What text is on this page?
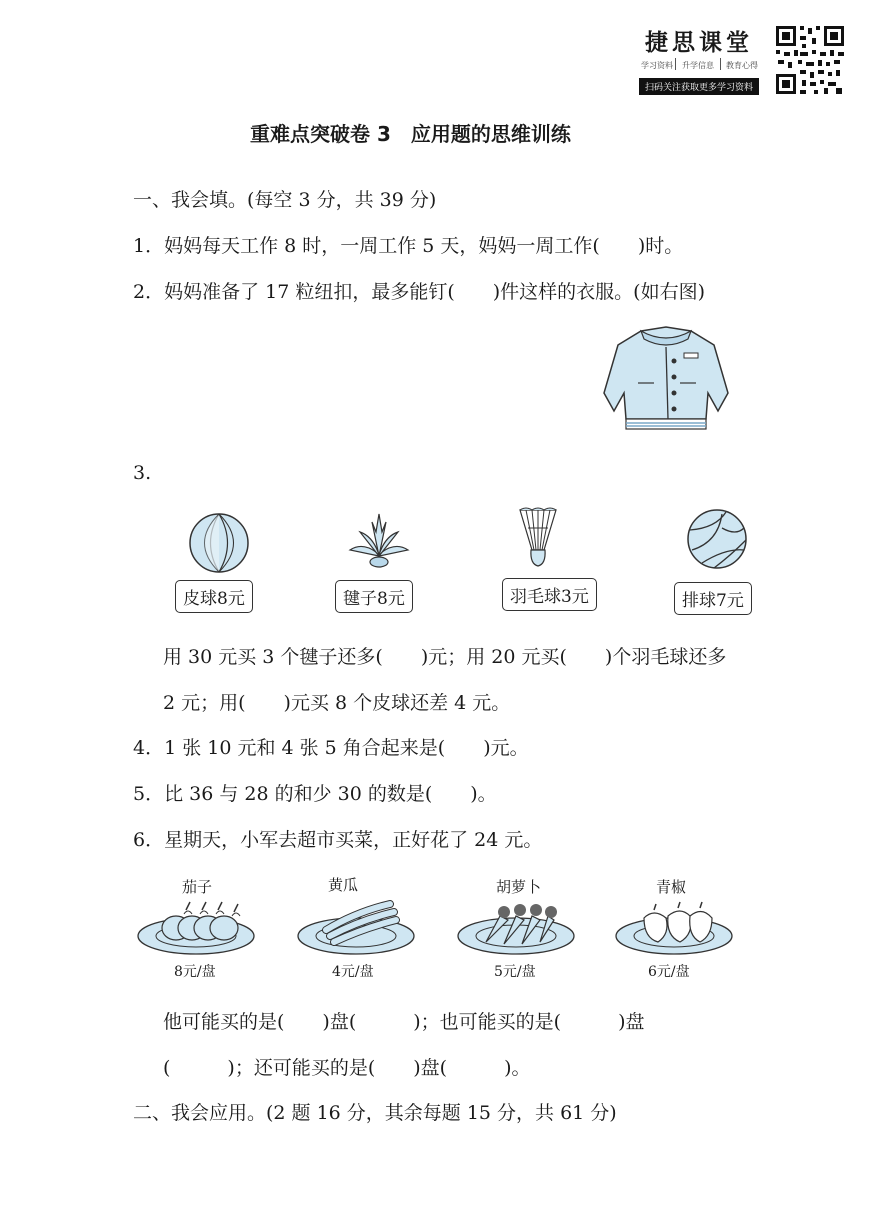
捷思课堂
学习资料 升学信息 教育心得
扫码关注获取更多学习资料
重难点突破卷 3　应用题的思维训练
一、我会填。(每空 3 分，共 39 分)
1．妈妈每天工作 8 时，一周工作 5 天，妈妈一周工作(　　)时。
2．妈妈准备了 17 粒纽扣，最多能钉(　　)件这样的衣服。(如右图)
3.
皮球8元	毽子8元	羽毛球3元	排球7元
用 30 元买 3 个毽子还多(　　)元；用 20 元买(　　)个羽毛球还多
2 元；用(　　)元买 8 个皮球还差 4 元。
4．1 张 10 元和 4 张 5 角合起来是(　　)元。
5．比 36 与 28 的和少 30 的数是(　　)。
6．星期天，小军去超市买菜，正好花了 24 元。
茄子
8元/盘
黄瓜
4元/盘
胡萝卜
5元/盘
青椒
6元/盘
他可能买的是(　　)盘(　　　)；也可能买的是(　　　)盘
(　　　)；还可能买的是(　　)盘(　　　)。
二、我会应用。(2 题 16 分，其余每题 15 分，共 61 分)
